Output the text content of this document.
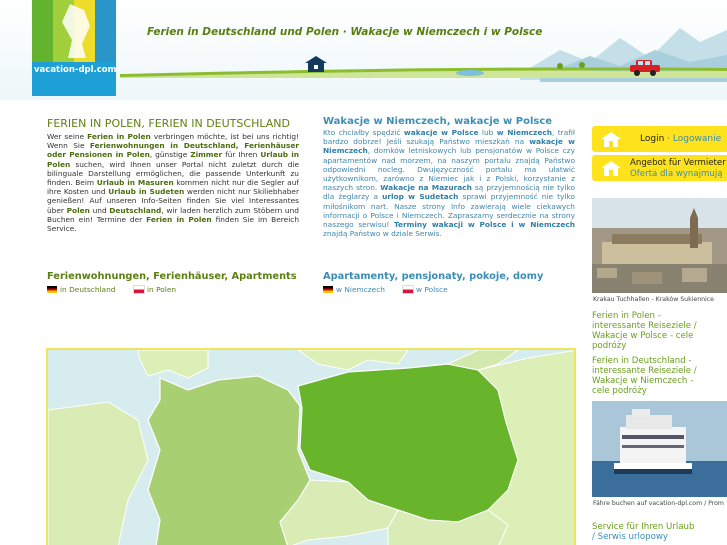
vacation-dpl.com
Ferien in Deutschland und Polen · Wakacje w Niemczech i w Polsce
FERIEN IN POLEN, FERIEN IN DEUTSCHLAND
Wer seine Ferien in Polen verbringen möchte, ist bei uns richtig! Wenn Sie Ferienwohnungen in Deutschland, Ferienhäuser oder Pensionen in Polen, günstige Zimmer für Ihren Urlaub in Polen suchen, wird Ihnen unser Portal nicht zuletzt durch die bilinguale Darstellung ermöglichen, die passende Unterkunft zu finden. Beim Urlaub in Masuren kommen nicht nur die Segler auf ihre Kosten und Urlaub in Sudeten werden nicht nur Skiliebhaber genießen! Auf unseren Info-Seiten finden Sie viel Interessantes über Polen und Deutschland, wir laden herzlich zum Stöbern und Buchen ein! Termine der Ferien in Polen finden Sie im Bereich Service.
Ferienwohnungen, Ferienhäuser, Apartments
in Deutschland	in Polen
Wakacje w Niemczech, wakacje w Polsce
Kto chciałby spędzić wakacje w Polsce lub w Niemczech, trafił bardzo dobrze! Jeśli szukają Państwo mieszkań na wakacje w Niemczech, domków letniskowych lub pensjonatów w Polsce czy apartamentów nad morzem, na naszym portalu znajdą Państwo odpowiedni nocleg. Dwujęzyczność portalu ma ułatwić użytkownikom, zarówno z Niemiec jak i z Polski, korzystanie z naszych stron. Wakacje na Mazurach są przyjemnością nie tylko dla żeglarzy a urlop w Sudetach sprawi przyjemność nie tylko miłośnikom nart. Nasze strony Info zawierają wiele ciekawych informacji o Polsce i Niemczech. Zapraszamy serdecznie na strony naszego serwisu! Terminy wakacji w Polsce i w Niemczech znajdą Państwo w dziale Serwis.
Apartamenty, pensjonaty, pokoje, domy
w Niemczech	w Polsce
Login · Logowanie
Angebot für Vermieter
Oferta dla wynajmują
Krakau Tuchhallen - Kraków Sukiennice
Ferien in Polen - interessante Reiseziele / Wakacje w Polsce - cele podróży
Ferien in Deutschland - interessante Reiseziele / Wakacje w Niemczech - cele podróży
Fähre buchen auf vacation-dpl.com / Prom
Service für Ihren Urlaub
/ Serwis urlopowy
